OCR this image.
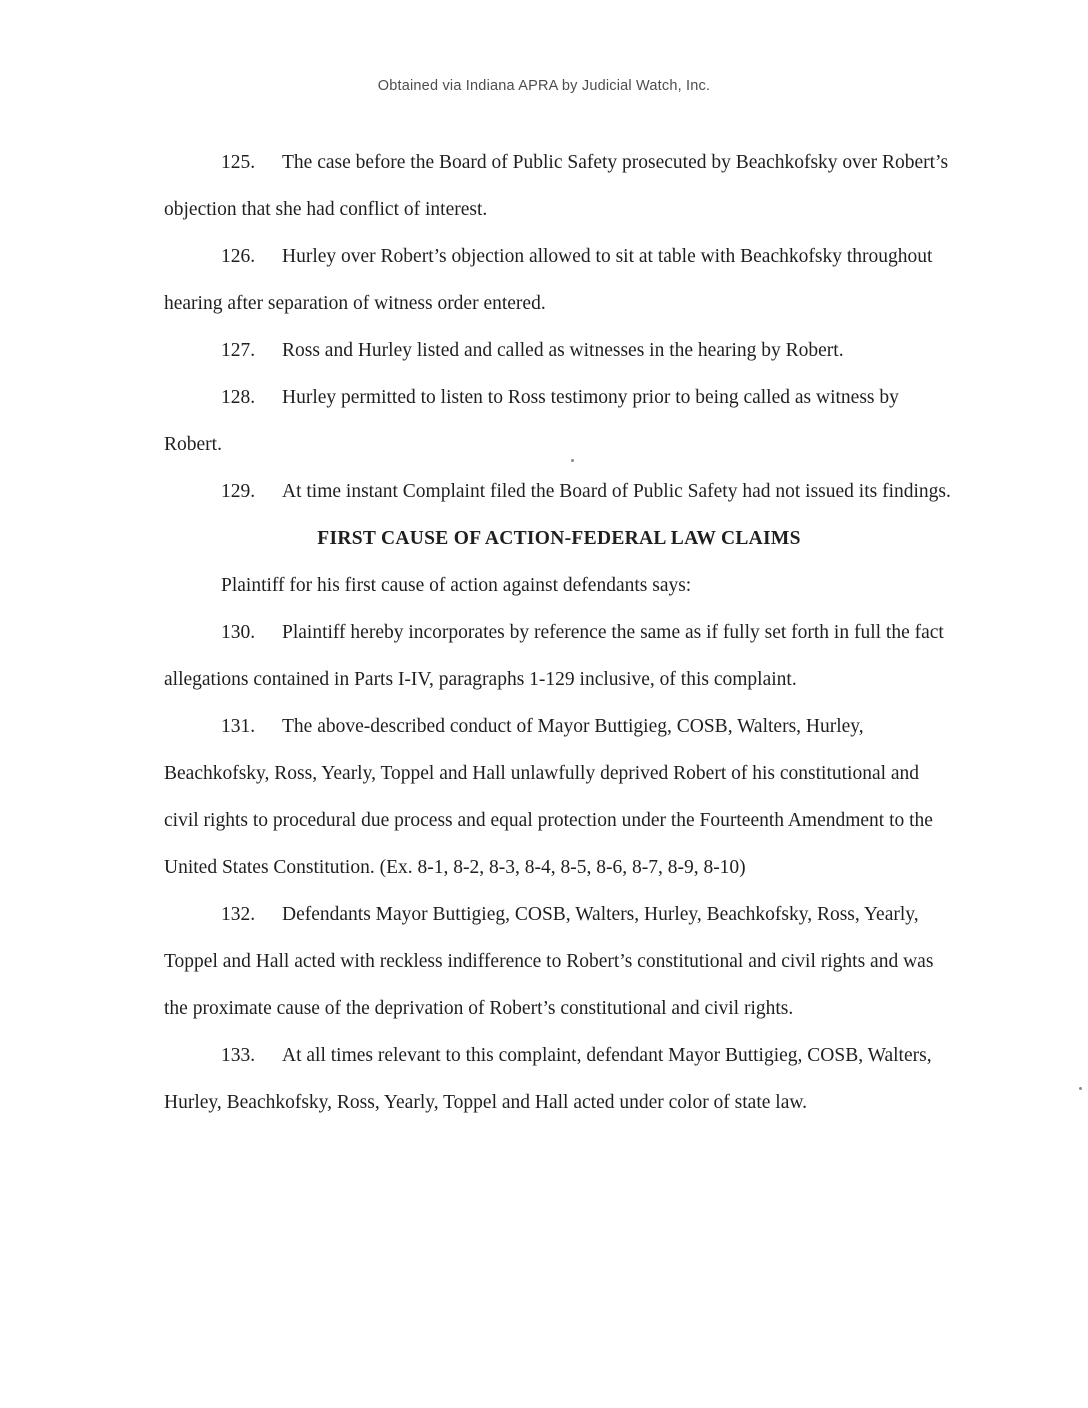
Obtained via Indiana APRA by Judicial Watch, Inc.

125. The case before the Board of Public Safety prosecuted by Beachkofsky over Robert’s objection that she had conflict of interest.

126. Hurley over Robert’s objection allowed to sit at table with Beachkofsky throughout hearing after separation of witness order entered.

127. Ross and Hurley listed and called as witnesses in the hearing by Robert.

128. Hurley permitted to listen to Ross testimony prior to being called as witness by Robert.

129. At time instant Complaint filed the Board of Public Safety had not issued its findings.

FIRST CAUSE OF ACTION-FEDERAL LAW CLAIMS

Plaintiff for his first cause of action against defendants says:

130. Plaintiff hereby incorporates by reference the same as if fully set forth in full the fact allegations contained in Parts I-IV, paragraphs 1-129 inclusive, of this complaint.

131. The above-described conduct of Mayor Buttigieg, COSB, Walters, Hurley, Beachkofsky, Ross, Yearly, Toppel and Hall unlawfully deprived Robert of his constitutional and civil rights to procedural due process and equal protection under the Fourteenth Amendment to the United States Constitution. (Ex. 8-1, 8-2, 8-3, 8-4, 8-5, 8-6, 8-7, 8-9, 8-10)

132. Defendants Mayor Buttigieg, COSB, Walters, Hurley, Beachkofsky, Ross, Yearly, Toppel and Hall acted with reckless indifference to Robert’s constitutional and civil rights and was the proximate cause of the deprivation of Robert’s constitutional and civil rights.

133. At all times relevant to this complaint, defendant Mayor Buttigieg, COSB, Walters, Hurley, Beachkofsky, Ross, Yearly, Toppel and Hall acted under color of state law.
